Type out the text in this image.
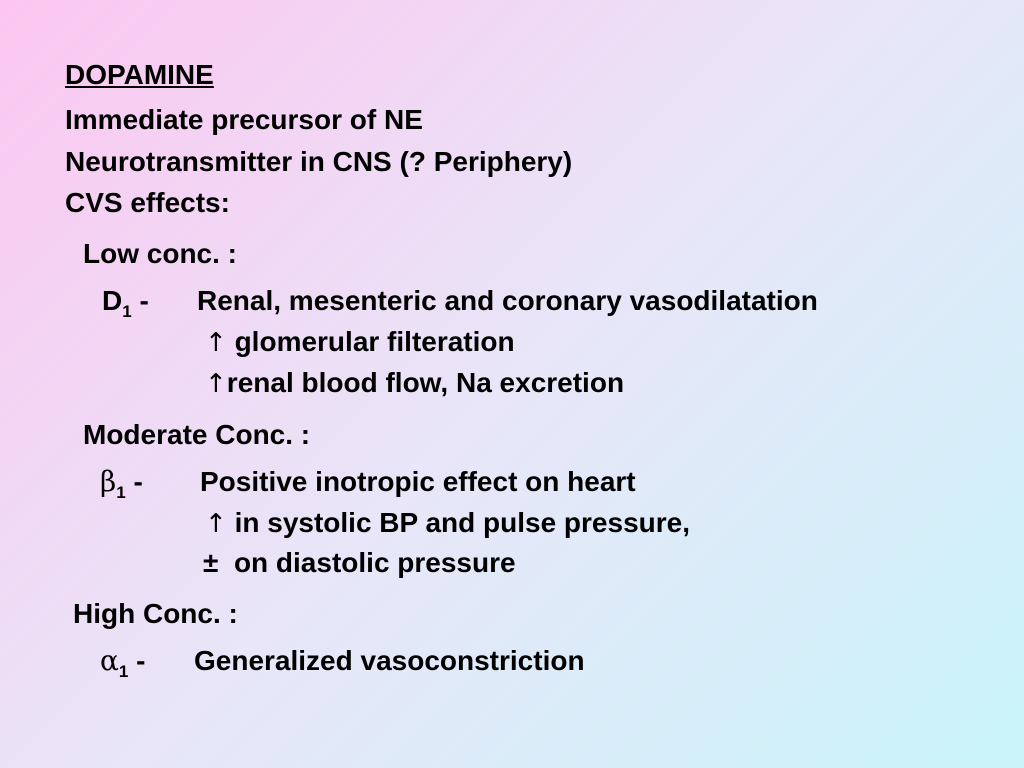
DOPAMINE
Immediate precursor of NE
Neurotransmitter in CNS (? Periphery)
CVS effects:
Low conc. :
$D_1$ - Renal, mesenteric and coronary vasodilatation
↑ glomerular filteration
↑renal blood flow, Na excretion
Moderate Conc. :
$\beta_1$ - Positive inotropic effect on heart
↑ in systolic BP and pulse pressure,
± on diastolic pressure
High Conc. :
$\alpha_1$ - Generalized vasoconstriction
